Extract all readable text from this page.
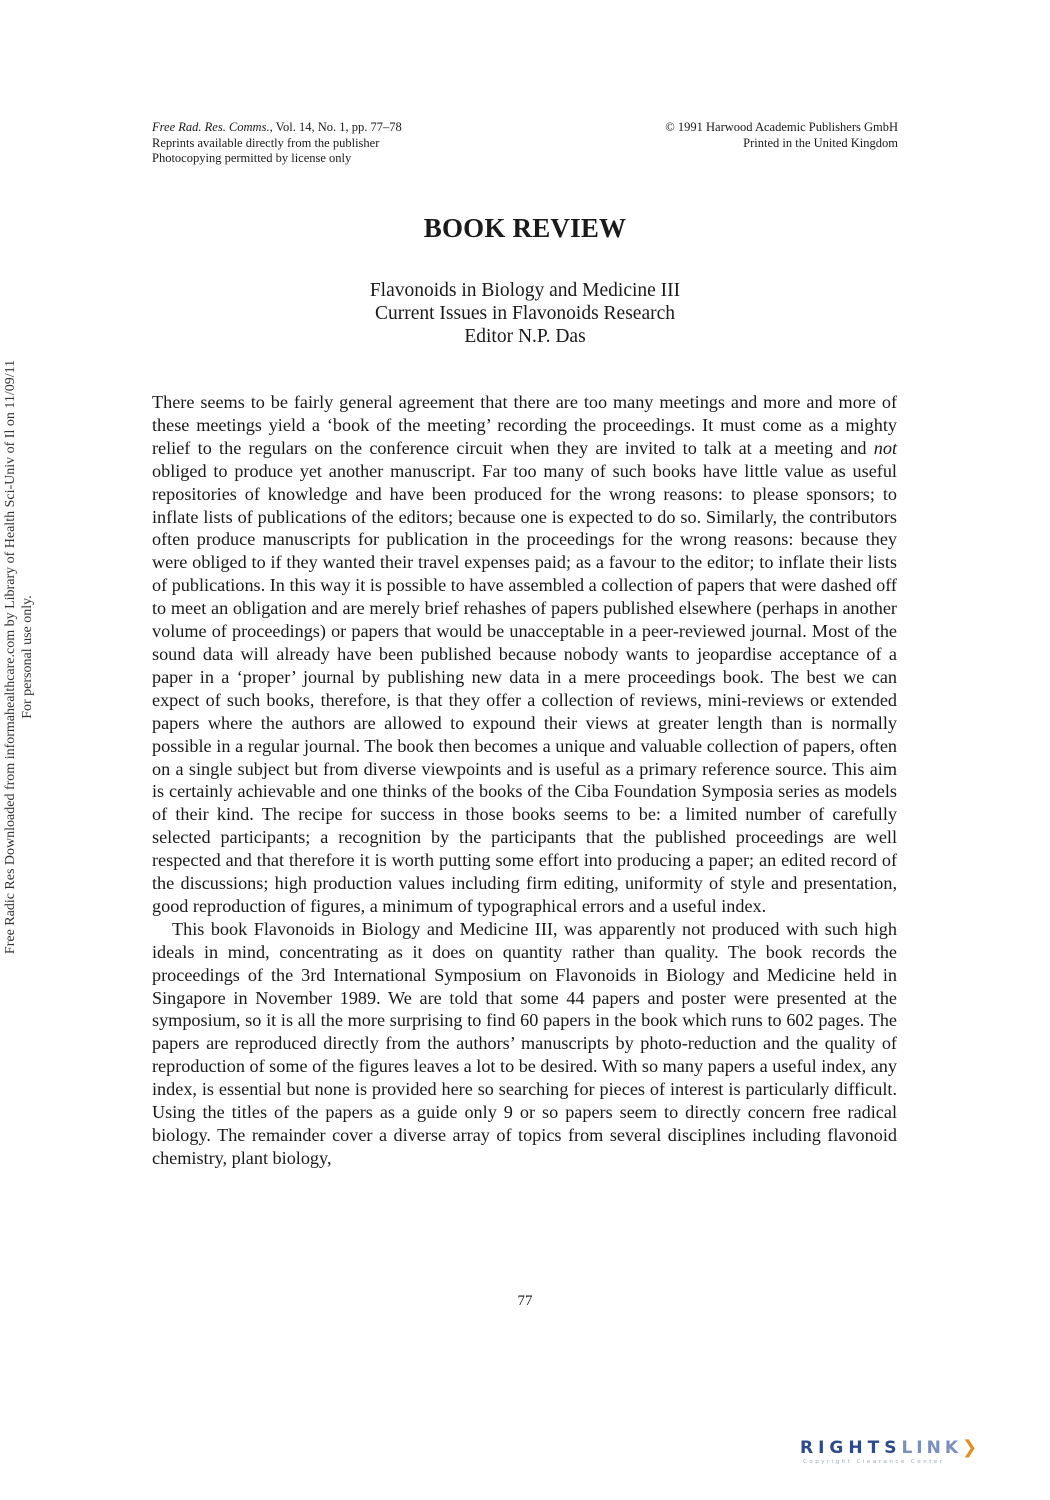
Free Rad. Res. Comms., Vol. 14, No. 1, pp. 77–78
Reprints available directly from the publisher
Photocopying permitted by license only
© 1991 Harwood Academic Publishers GmbH
Printed in the United Kingdom
BOOK REVIEW
Flavonoids in Biology and Medicine III
Current Issues in Flavonoids Research
Editor N.P. Das
Free Radic Res Downloaded from informahealthcare.com by Library of Health Sci-Univ of Il on 11/09/11 For personal use only.

There seems to be fairly general agreement that there are too many meetings and more and more of these meetings yield a ‘book of the meeting’ recording the proceedings. It must come as a mighty relief to the regulars on the conference circuit when they are invited to talk at a meeting and not obliged to produce yet another manuscript. Far too many of such books have little value as useful repositories of knowledge and have been produced for the wrong reasons: to please sponsors; to inflate lists of publications of the editors; because one is expected to do so. Similarly, the contributors often produce manuscripts for publication in the proceedings for the wrong reasons: because they were obliged to if they wanted their travel expenses paid; as a favour to the editor; to inflate their lists of publications. In this way it is possible to have assembled a collection of papers that were dashed off to meet an obligation and are merely brief rehashes of papers published elsewhere (perhaps in another volume of proceedings) or papers that would be unacceptable in a peer-reviewed journal. Most of the sound data will already have been published because nobody wants to jeopardise acceptance of a paper in a ‘proper’ journal by publishing new data in a mere proceedings book. The best we can expect of such books, therefore, is that they offer a collection of reviews, mini-reviews or extended papers where the authors are allowed to expound their views at greater length than is normally possible in a regular journal. The book then becomes a unique and valuable collection of papers, often on a single subject but from diverse viewpoints and is useful as a primary reference source. This aim is certainly achievable and one thinks of the books of the Ciba Foundation Symposia series as models of their kind. The recipe for success in those books seems to be: a limited number of carefully selected participants; a recognition by the participants that the published proceedings are well respected and that therefore it is worth putting some effort into producing a paper; an edited record of the discussions; high production values including firm editing, uniformity of style and presentation, good reproduction of figures, a minimum of typographical errors and a useful index.

This book Flavonoids in Biology and Medicine III, was apparently not produced with such high ideals in mind, concentrating as it does on quantity rather than quality. The book records the proceedings of the 3rd International Symposium on Flavonoids in Biology and Medicine held in Singapore in November 1989. We are told that some 44 papers and poster were presented at the symposium, so it is all the more surprising to find 60 papers in the book which runs to 602 pages. The papers are reproduced directly from the authors’ manuscripts by photo-reduction and the quality of reproduction of some of the figures leaves a lot to be desired. With so many papers a useful index, any index, is essential but none is provided here so searching for pieces of interest is particularly difficult. Using the titles of the papers as a guide only 9 or so papers seem to directly concern free radical biology. The remainder cover a diverse array of topics from several disciplines including flavonoid chemistry, plant biology,

77
RIGHTSLINK❯
Copyright Clearance Center
